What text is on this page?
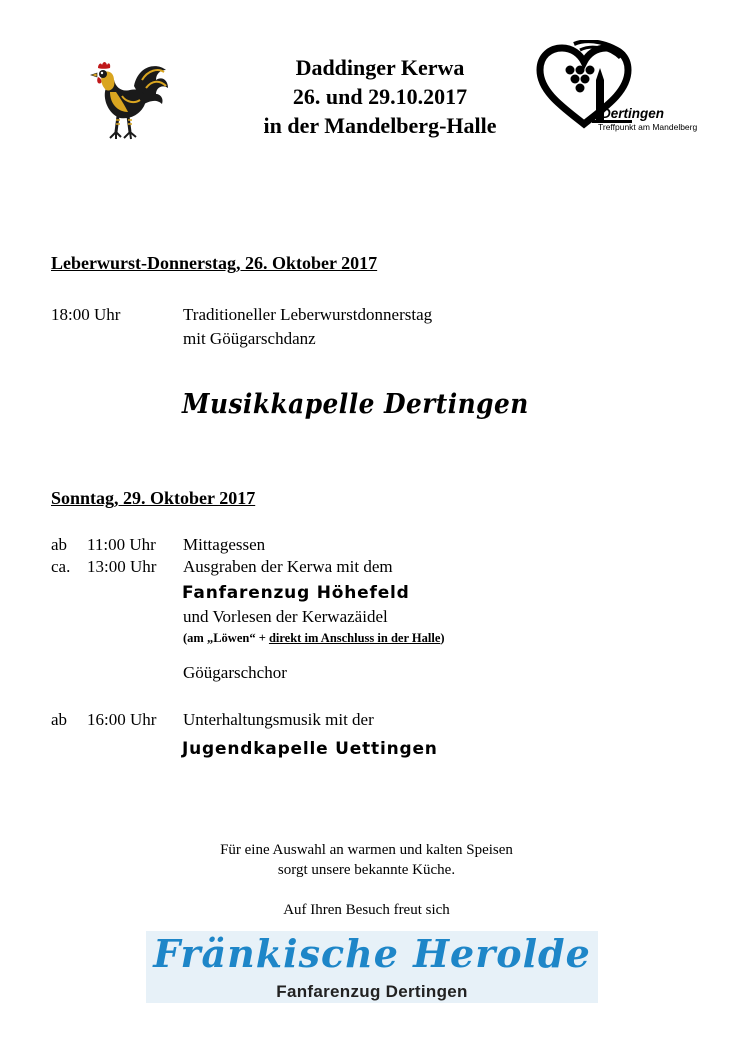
Daddinger Kerwa
26. und 29.10.2017
in der Mandelberg-Halle	Dertingen
Treffpunkt am Mandelberg
Leberwurst-Donnerstag, 26. Oktober 2017
18:00 Uhr	Traditioneller Leberwurstdonnerstag
mit Göügarschdanz
Musikkapelle Dertingen
Sonntag, 29. Oktober 2017
ab 11:00 Uhr Mittagessen
ca. 13:00 Uhr Ausgraben der Kerwa mit dem
Fanfarenzug Höhefeld
und Vorlesen der Kerwazäidel
(am „Löwen“ + direkt im Anschluss in der Halle)
Göügarschchor
ab 16:00 Uhr Unterhaltungsmusik mit der
Jugendkapelle Uettingen
Für eine Auswahl an warmen und kalten Speisen
sorgt unsere bekannte Küche.
Auf Ihren Besuch freut sich
Fränkische Herolde
Fanfarenzug Dertingen
